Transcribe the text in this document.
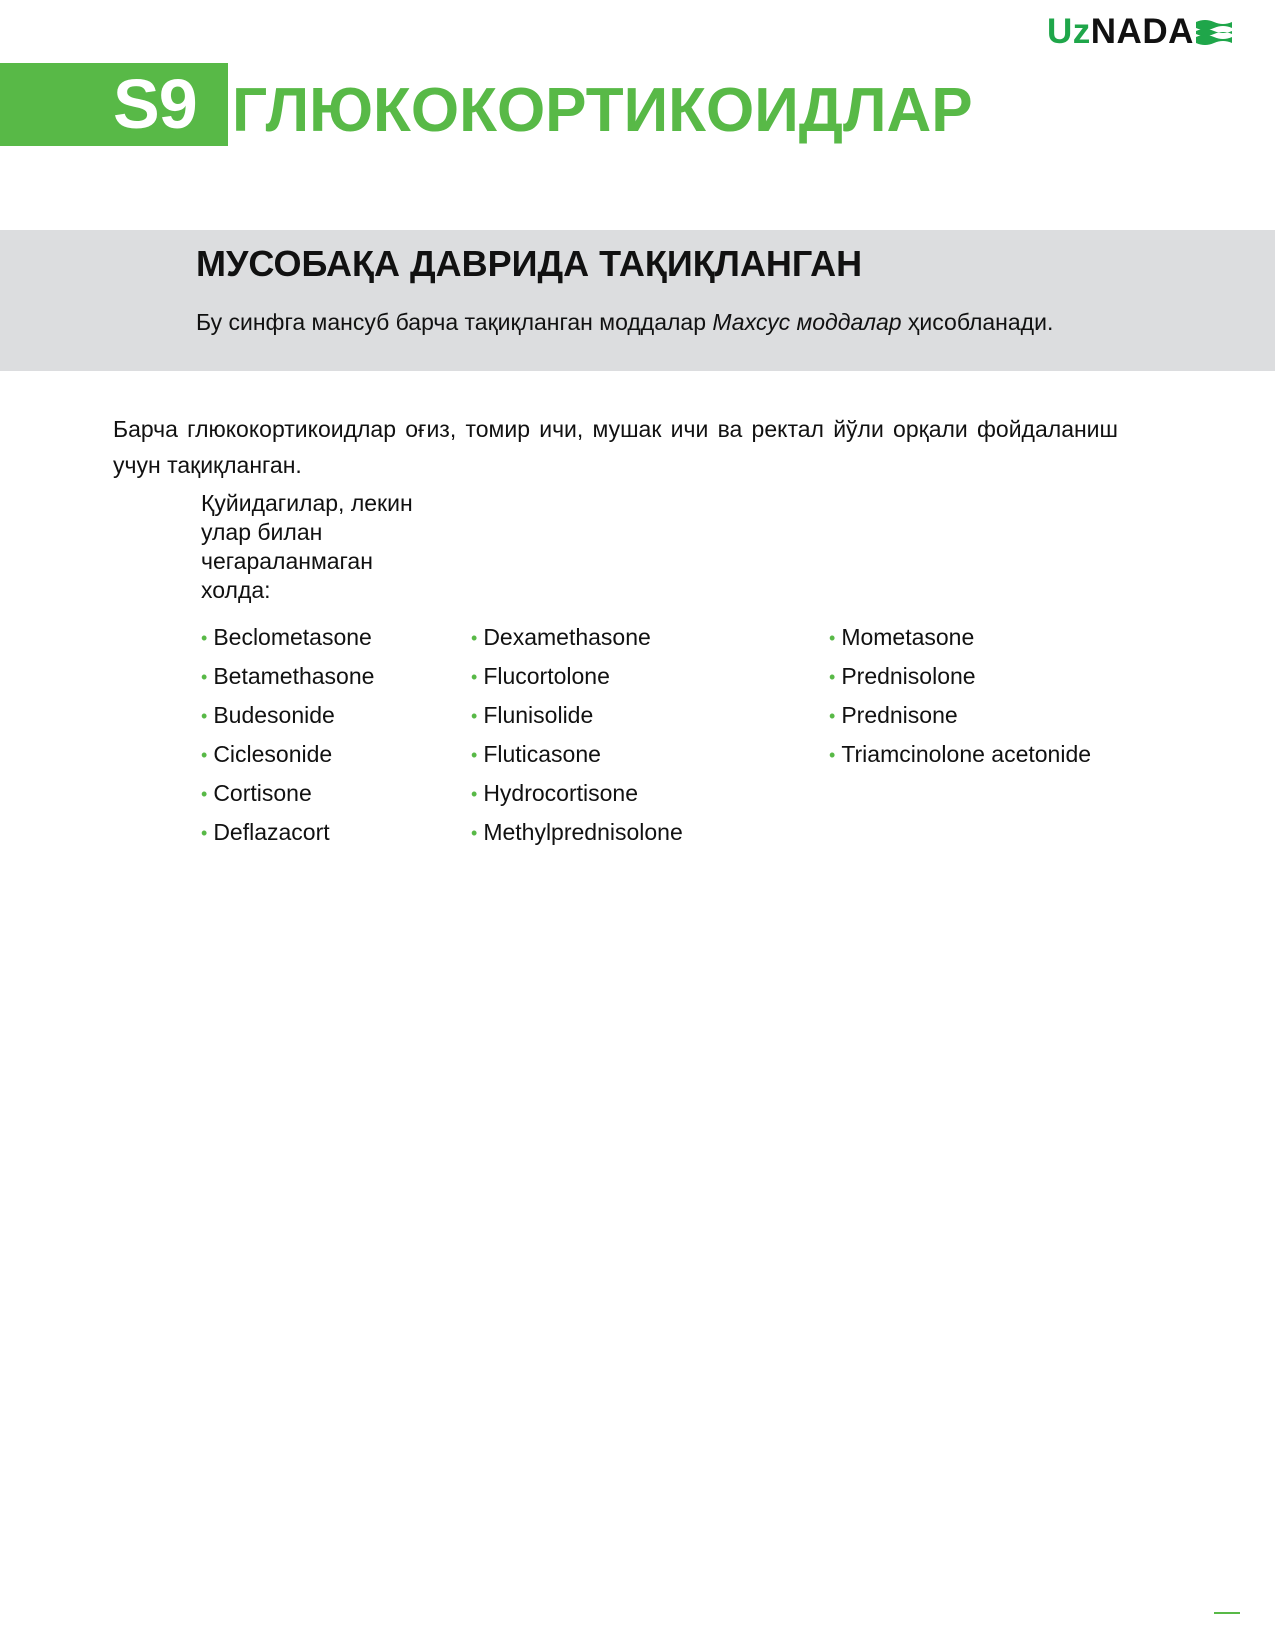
Uz NADA
S9 ГЛЮКОКОРТИКОИДЛАР
МУСОБАҚА ДАВРИДА ТАҚИҚЛАНГАН
Бу синфга мансуб барча тақиқланган моддалар Махсус моддалар ҳисобланади.
Барча глюкокортикоидлар оғиз, томир ичи, мушак ичи ва ректал йўли орқали фойдаланиш учун тақиқланган.
Қуйидагилар, лекин улар билан чегараланмаган холда:
• Beclometasone
• Betamethasone
• Budesonide
• Ciclesonide
• Cortisone
• Deflazacort
• Dexamethasone
• Flucortolone
• Flunisolide
• Fluticasone
• Hydrocortisone
• Methylprednisolone
• Mometasone
• Prednisolone
• Prednisone
• Triamcinolone acetonide
